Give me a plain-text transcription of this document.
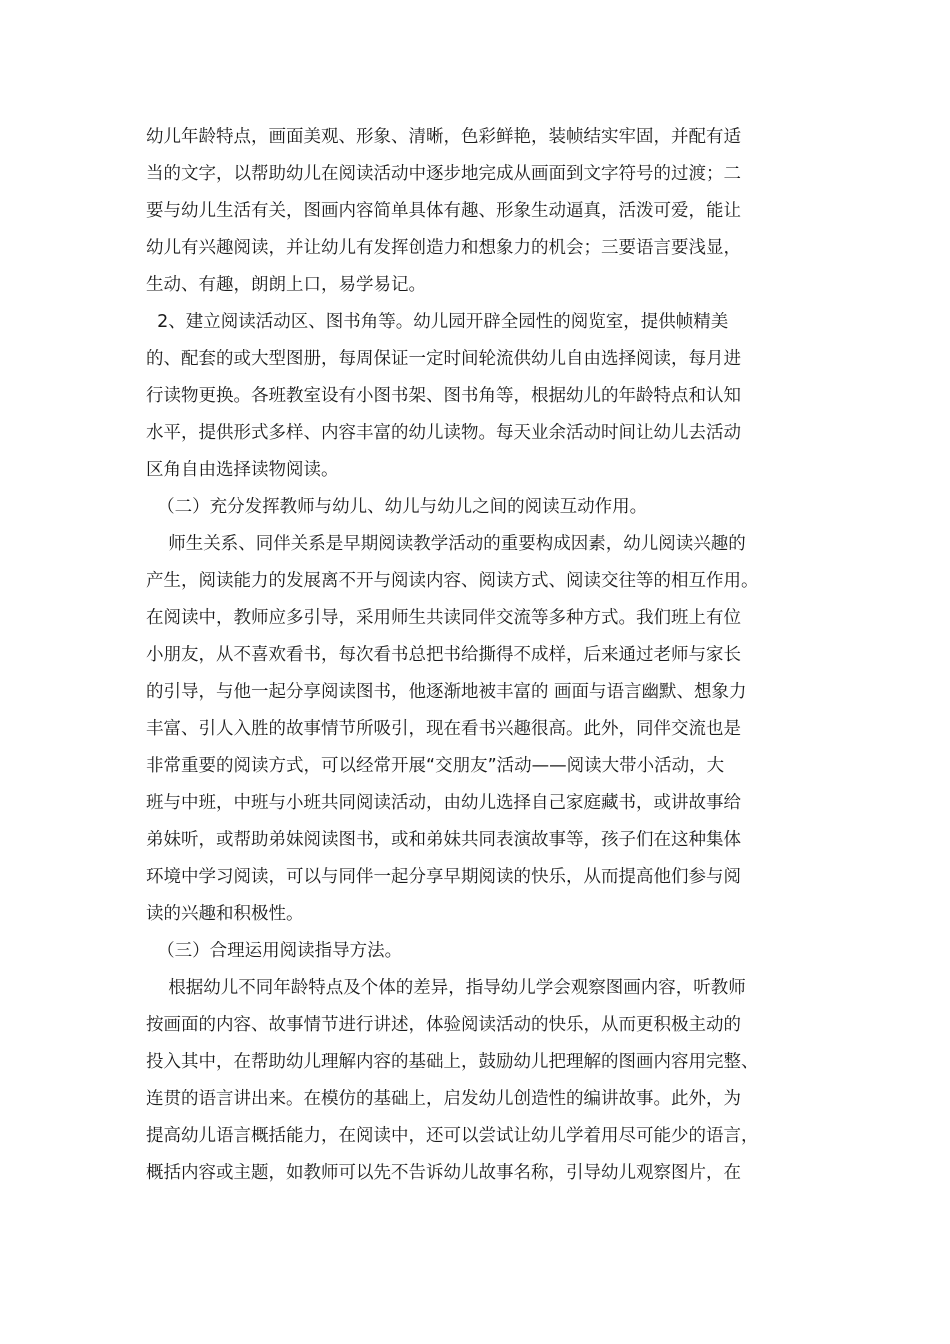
幼儿年龄特点，画面美观、形象、清晰，色彩鲜艳，装帧结实牢固，并配有适
当的文字，以帮助幼儿在阅读活动中逐步地完成从画面到文字符号的过渡；二
要与幼儿生活有关，图画内容简单具体有趣、形象生动逼真，活泼可爱，能让
幼儿有兴趣阅读，并让幼儿有发挥创造力和想象力的机会；三要语言要浅显，
生动、有趣，朗朗上口，易学易记。

2、建立阅读活动区、图书角等。幼儿园开辟全园性的阅览室，提供帧精美
的、配套的或大型图册，每周保证一定时间轮流供幼儿自由选择阅读，每月进
行读物更换。各班教室设有小图书架、图书角等，根据幼儿的年龄特点和认知
水平，提供形式多样、内容丰富的幼儿读物。每天业余活动时间让幼儿去活动
区角自由选择读物阅读。

（二）充分发挥教师与幼儿、幼儿与幼儿之间的阅读互动作用。

师生关系、同伴关系是早期阅读教学活动的重要构成因素，幼儿阅读兴趣的
产生，阅读能力的发展离不开与阅读内容、阅读方式、阅读交往等的相互作用。
在阅读中，教师应多引导，采用师生共读同伴交流等多种方式。我们班上有位
小朋友，从不喜欢看书，每次看书总把书给撕得不成样，后来通过老师与家长
的引导，与他一起分享阅读图书，他逐渐地被丰富的 画面与语言幽默、想象力
丰富、引人入胜的故事情节所吸引，现在看书兴趣很高。此外，同伴交流也是
非常重要的阅读方式，可以经常开展“交朋友”活动——阅读大带小活动，大
班与中班，中班与小班共同阅读活动，由幼儿选择自己家庭藏书，或讲故事给
弟妹听，或帮助弟妹阅读图书，或和弟妹共同表演故事等，孩子们在这种集体
环境中学习阅读，可以与同伴一起分享早期阅读的快乐，从而提高他们参与阅
读的兴趣和积极性。

（三）合理运用阅读指导方法。

根据幼儿不同年龄特点及个体的差异，指导幼儿学会观察图画内容，听教师
按画面的内容、故事情节进行讲述，体验阅读活动的快乐，从而更积极主动的
投入其中，在帮助幼儿理解内容的基础上，鼓励幼儿把理解的图画内容用完整、
连贯的语言讲出来。在模仿的基础上，启发幼儿创造性的编讲故事。此外，为
提高幼儿语言概括能力，在阅读中，还可以尝试让幼儿学着用尽可能少的语言，
概括内容或主题，如教师可以先不告诉幼儿故事名称，引导幼儿观察图片，在
